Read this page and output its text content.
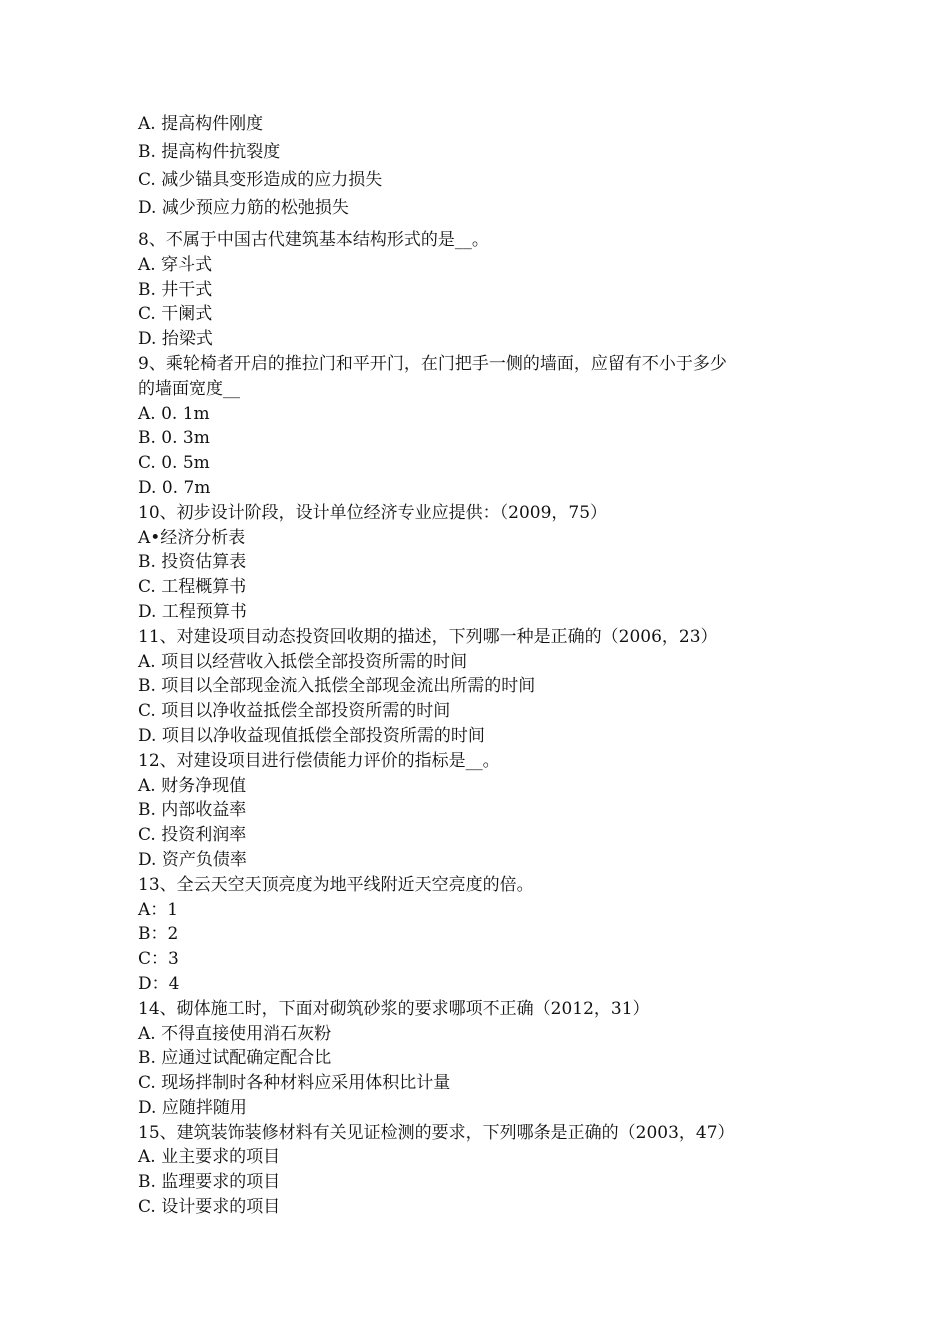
A. 提高构件刚度
B. 提高构件抗裂度
C. 减少锚具变形造成的应力损失
D. 减少预应力筋的松弛损失
8、不属于中国古代建筑基本结构形式的是__。
A. 穿斗式
B. 井干式
C. 干阑式
D. 抬梁式
9、乘轮椅者开启的推拉门和平开门，在门把手一侧的墙面，应留有不小于多少
的墙面宽度__
A. 0. 1m
B. 0. 3m
C. 0. 5m
D. 0. 7m
10、初步设计阶段，设计单位经济专业应提供：（2009，75）
A•经济分析表
B. 投资估算表
C. 工程概算书
D. 工程预算书
11、对建设项目动态投资回收期的描述，下列哪一种是正确的（2006，23）
A. 项目以经营收入抵偿全部投资所需的时间
B. 项目以全部现金流入抵偿全部现金流出所需的时间
C. 项目以净收益抵偿全部投资所需的时间
D. 项目以净收益现值抵偿全部投资所需的时间
12、对建设项目进行偿债能力评价的指标是__。
A. 财务净现值
B. 内部收益率
C. 投资利润率
D. 资产负债率
13、全云天空天顶亮度为地平线附近天空亮度的倍。
A：1
B：2
C：3
D：4
14、砌体施工时，下面对砌筑砂浆的要求哪项不正确（2012，31）
A. 不得直接使用消石灰粉
B. 应通过试配确定配合比
C. 现场拌制时各种材料应采用体积比计量
D. 应随拌随用
15、建筑装饰装修材料有关见证检测的要求，下列哪条是正确的（2003，47）
A. 业主要求的项目
B. 监理要求的项目
C. 设计要求的项目
